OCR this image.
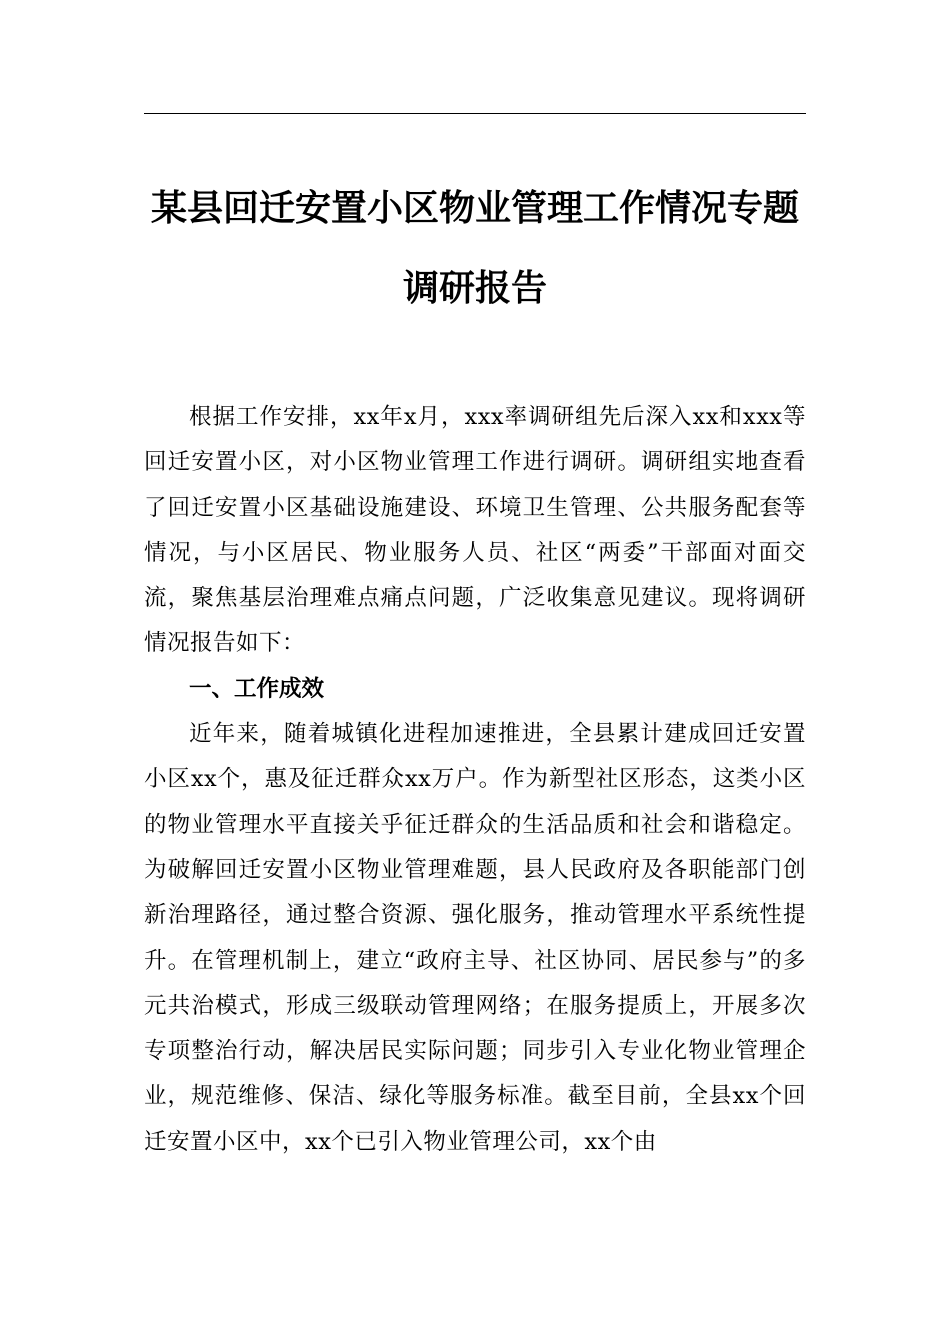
某县回迁安置小区物业管理工作情况专题
调研报告

根据工作安排，xx年x月，xxx率调研组先后深入xx和xxx等回迁安置小区，对小区物业管理工作进行调研。调研组实地查看了回迁安置小区基础设施建设、环境卫生管理、公共服务配套等情况，与小区居民、物业服务人员、社区“两委”干部面对面交流，聚焦基层治理难点痛点问题，广泛收集意见建议。现将调研情况报告如下：

一、工作成效

近年来，随着城镇化进程加速推进，全县累计建成回迁安置小区xx个，惠及征迁群众xx万户。作为新型社区形态，这类小区的物业管理水平直接关乎征迁群众的生活品质和社会和谐稳定。为破解回迁安置小区物业管理难题，县人民政府及各职能部门创新治理路径，通过整合资源、强化服务，推动管理水平系统性提升。在管理机制上，建立“政府主导、社区协同、居民参与”的多元共治模式，形成三级联动管理网络；在服务提质上，开展多次专项整治行动，解决居民实际问题；同步引入专业化物业管理企业，规范维修、保洁、绿化等服务标准。截至目前，全县xx个回迁安置小区中，xx个已引入物业管理公司，xx个由
